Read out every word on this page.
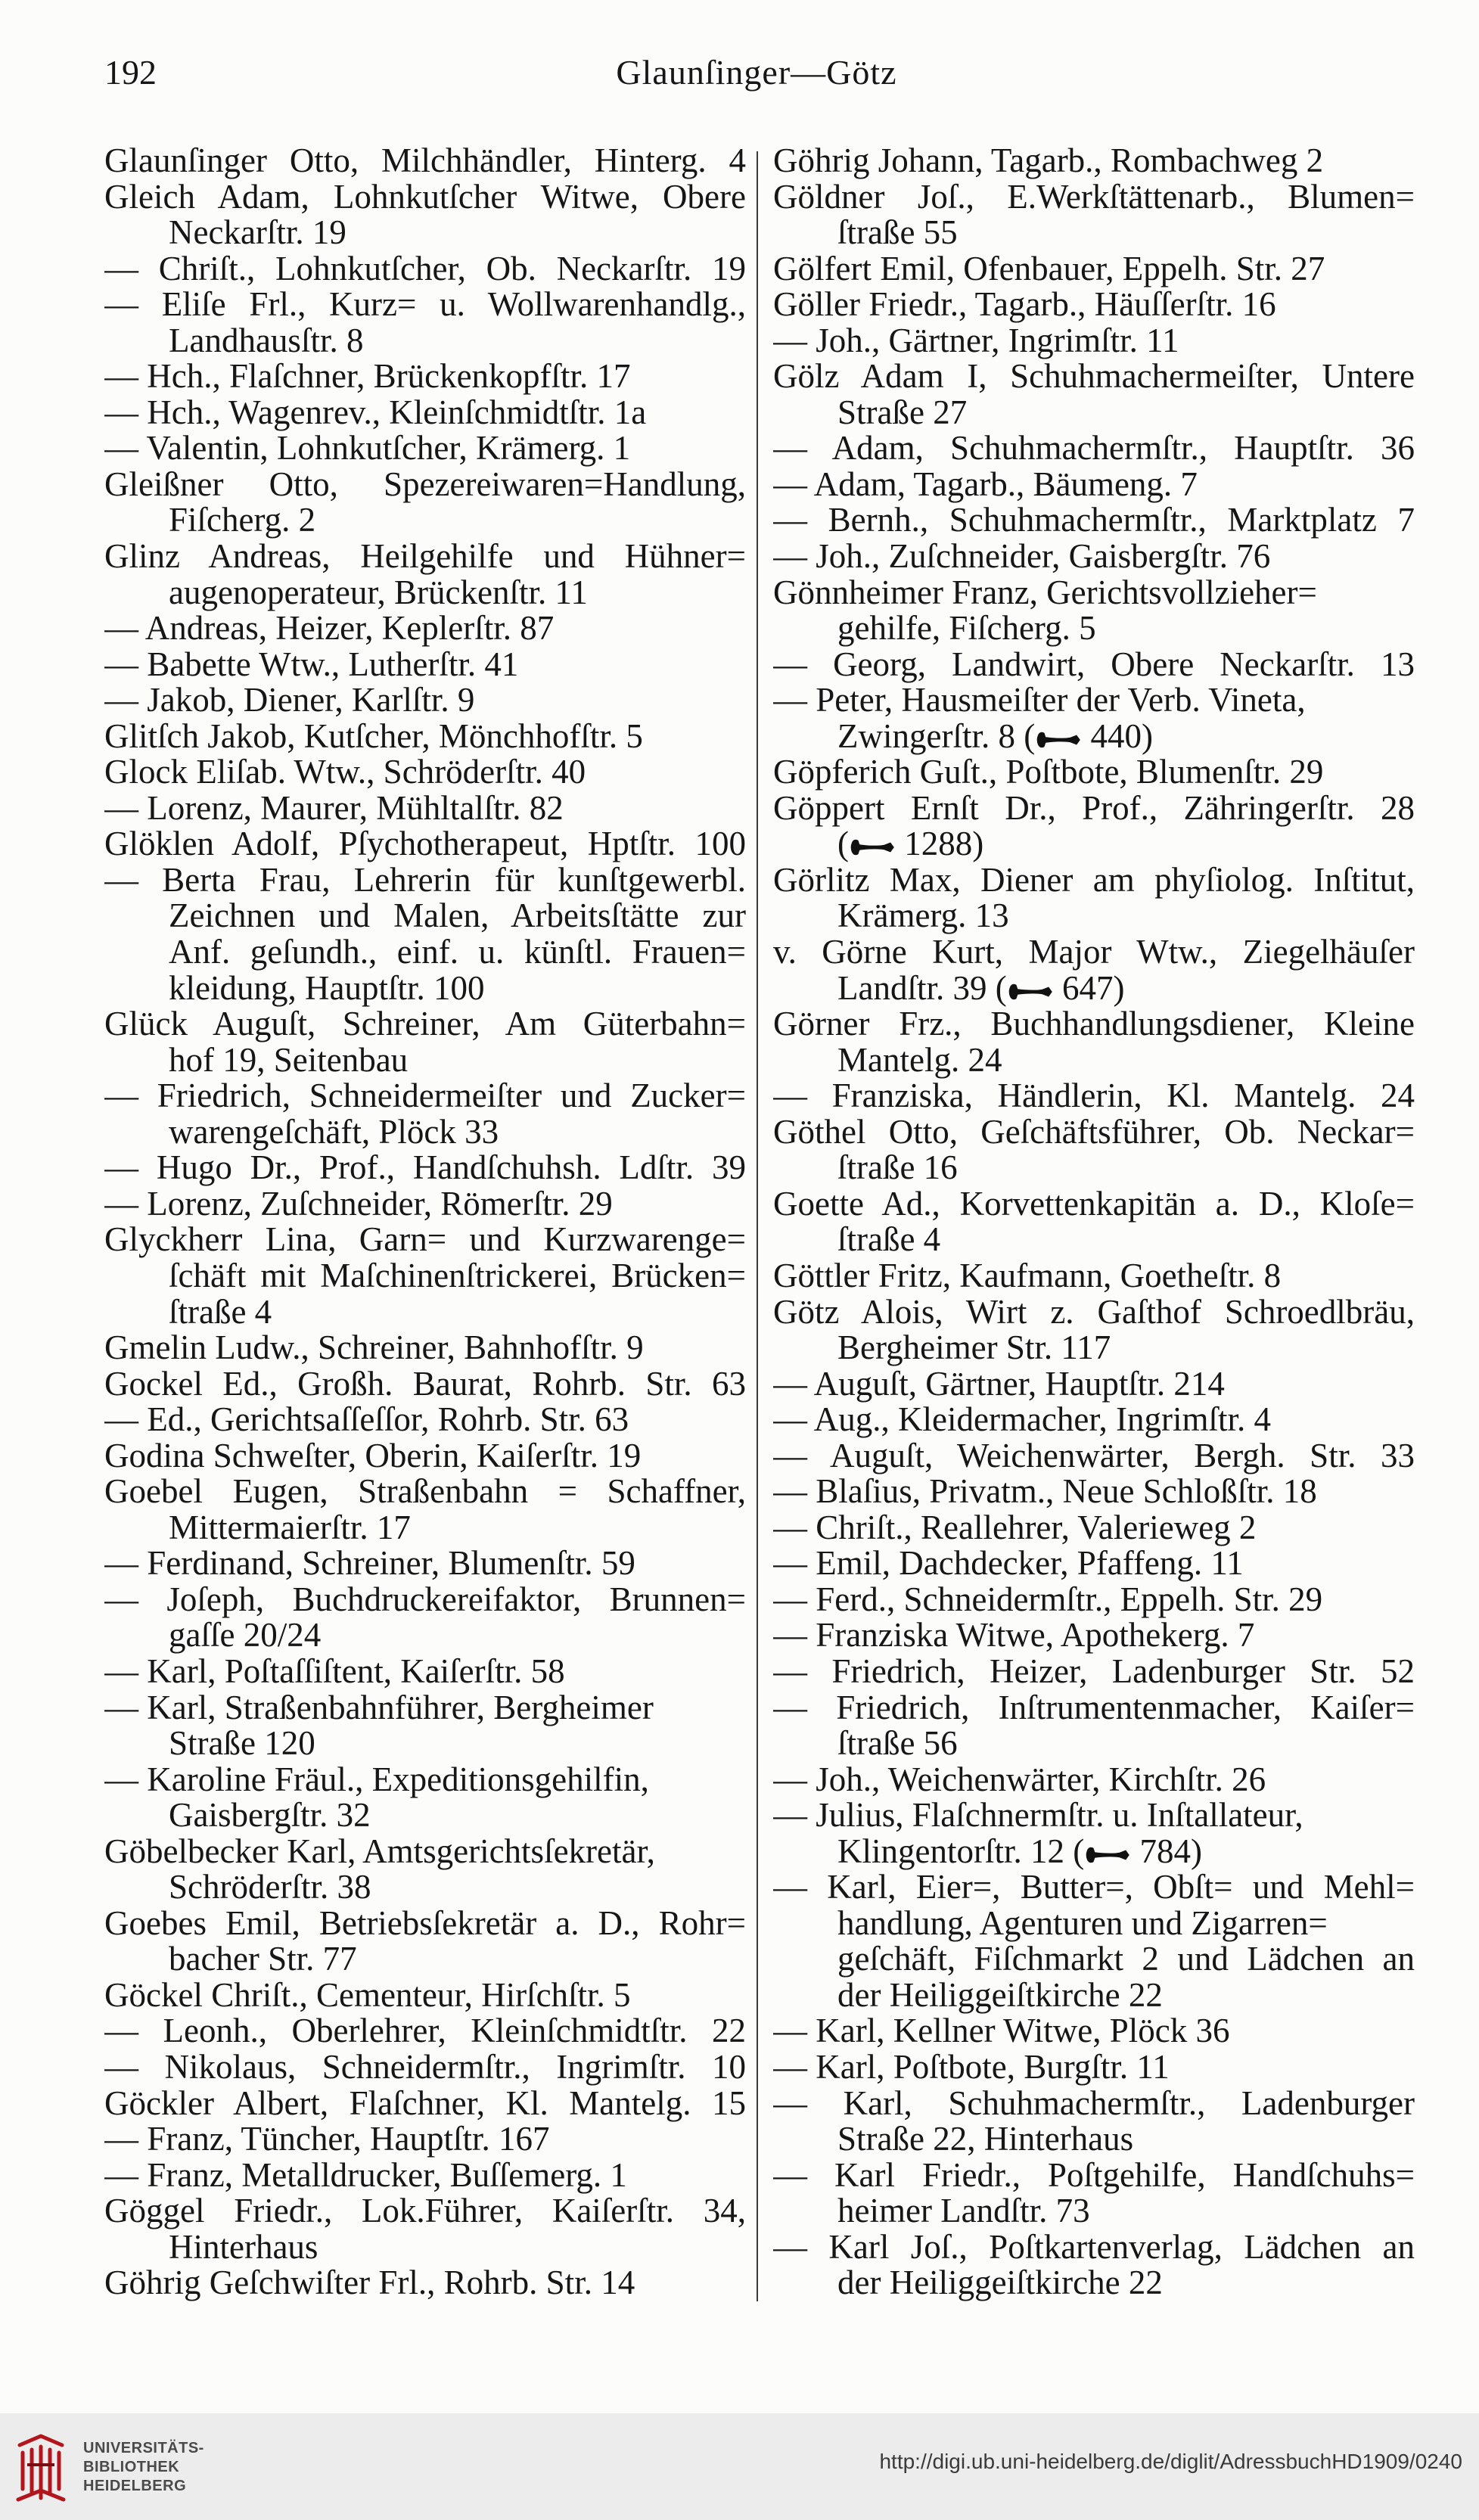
192	Glaunſinger—Götz
Glaunſinger Otto, Milchhändler, Hinterg. 4
Gleich Adam, Lohnkutſcher Witwe, Obere
Neckarſtr. 19
— Chriſt., Lohnkutſcher, Ob. Neckarſtr. 19
— Eliſe Frl., Kurz= u. Wollwarenhandlg.,
Landhausſtr. 8
— Hch., Flaſchner, Brückenkopfſtr. 17
— Hch., Wagenrev., Kleinſchmidtſtr. 1a
— Valentin, Lohnkutſcher, Krämerg. 1
Gleißner Otto, Spezereiwaren=Handlung,
Fiſcherg. 2
Glinz Andreas, Heilgehilfe und Hühner=
augenoperateur, Brückenſtr. 11
— Andreas, Heizer, Keplerſtr. 87
— Babette Wtw., Lutherſtr. 41
— Jakob, Diener, Karlſtr. 9
Glitſch Jakob, Kutſcher, Mönchhofſtr. 5
Glock Eliſab. Wtw., Schröderſtr. 40
— Lorenz, Maurer, Mühltalſtr. 82
Glöklen Adolf, Pſychotherapeut, Hptſtr. 100
— Berta Frau, Lehrerin für kunſtgewerbl.
Zeichnen und Malen, Arbeitsſtätte zur
Anf. geſundh., einf. u. künſtl. Frauen=
kleidung, Hauptſtr. 100
Glück Auguſt, Schreiner, Am Güterbahn=
hof 19, Seitenbau
— Friedrich, Schneidermeiſter und Zucker=
warengeſchäft, Plöck 33
— Hugo Dr., Prof., Handſchuhsh. Ldſtr. 39
— Lorenz, Zuſchneider, Römerſtr. 29
Glyckherr Lina, Garn= und Kurzwarenge=
ſchäft mit Maſchinenſtrickerei, Brücken=
ſtraße 4
Gmelin Ludw., Schreiner, Bahnhofſtr. 9
Gockel Ed., Großh. Baurat, Rohrb. Str. 63
— Ed., Gerichtsaſſeſſor, Rohrb. Str. 63
Godina Schweſter, Oberin, Kaiſerſtr. 19
Goebel Eugen, Straßenbahn = Schaffner,
Mittermaierſtr. 17
— Ferdinand, Schreiner, Blumenſtr. 59
— Joſeph, Buchdruckereifaktor, Brunnen=
gaſſe 20/24
— Karl, Poſtaſſiſtent, Kaiſerſtr. 58
— Karl, Straßenbahnführer, Bergheimer
Straße 120
— Karoline Fräul., Expeditionsgehilfin,
Gaisbergſtr. 32
Göbelbecker Karl, Amtsgerichtsſekretär,
Schröderſtr. 38
Goebes Emil, Betriebsſekretär a. D., Rohr=
bacher Str. 77
Göckel Chriſt., Cementeur, Hirſchſtr. 5
— Leonh., Oberlehrer, Kleinſchmidtſtr. 22
— Nikolaus, Schneidermſtr., Ingrimſtr. 10
Göckler Albert, Flaſchner, Kl. Mantelg. 15
— Franz, Tüncher, Hauptſtr. 167
— Franz, Metalldrucker, Buſſemerg. 1
Göggel Friedr., Lok.Führer, Kaiſerſtr. 34,
Hinterhaus
Göhrig Geſchwiſter Frl., Rohrb. Str. 14
Göhrig Johann, Tagarb., Rombachweg 2
Göldner Joſ., E.Werkſtättenarb., Blumen=
ſtraße 55
Gölfert Emil, Ofenbauer, Eppelh. Str. 27
Göller Friedr., Tagarb., Häuſſerſtr. 16
— Joh., Gärtner, Ingrimſtr. 11
Gölz Adam I, Schuhmachermeiſter, Untere
Straße 27
— Adam, Schuhmachermſtr., Hauptſtr. 36
— Adam, Tagarb., Bäumeng. 7
— Bernh., Schuhmachermſtr., Marktplatz 7
— Joh., Zuſchneider, Gaisbergſtr. 76
Gönnheimer Franz, Gerichtsvollzieher=
gehilfe, Fiſcherg. 5
— Georg, Landwirt, Obere Neckarſtr. 13
— Peter, Hausmeiſter der Verb. Vineta,
Zwingerſtr. 8 (
440)
Göpferich Guſt., Poſtbote, Blumenſtr. 29
Göppert Ernſt Dr., Prof., Zähringerſtr. 28
(
1288)
Görlitz Max, Diener am phyſiolog. Inſtitut,
Krämerg. 13
v. Görne Kurt, Major Wtw., Ziegelhäuſer
Landſtr. 39 (
647)
Görner Frz., Buchhandlungsdiener, Kleine
Mantelg. 24
— Franziska, Händlerin, Kl. Mantelg. 24
Göthel Otto, Geſchäftsführer, Ob. Neckar=
ſtraße 16
Goette Ad., Korvettenkapitän a. D., Kloſe=
ſtraße 4
Göttler Fritz, Kaufmann, Goetheſtr. 8
Götz Alois, Wirt z. Gaſthof Schroedlbräu,
Bergheimer Str. 117
— Auguſt, Gärtner, Hauptſtr. 214
— Aug., Kleidermacher, Ingrimſtr. 4
— Auguſt, Weichenwärter, Bergh. Str. 33
— Blaſius, Privatm., Neue Schloßſtr. 18
— Chriſt., Reallehrer, Valerieweg 2
— Emil, Dachdecker, Pfaffeng. 11
— Ferd., Schneidermſtr., Eppelh. Str. 29
— Franziska Witwe, Apothekerg. 7
— Friedrich, Heizer, Ladenburger Str. 52
— Friedrich, Inſtrumentenmacher, Kaiſer=
ſtraße 56
— Joh., Weichenwärter, Kirchſtr. 26
— Julius, Flaſchnermſtr. u. Inſtallateur,
Klingentorſtr. 12 (
784)
— Karl, Eier=, Butter=, Obſt= und Mehl=
handlung, Agenturen und Zigarren=
geſchäft, Fiſchmarkt 2 und Lädchen an
der Heiliggeiſtkirche 22
— Karl, Kellner Witwe, Plöck 36
— Karl, Poſtbote, Burgſtr. 11
— Karl, Schuhmachermſtr., Ladenburger
Straße 22, Hinterhaus
— Karl Friedr., Poſtgehilfe, Handſchuhs=
heimer Landſtr. 73
— Karl Joſ., Poſtkartenverlag, Lädchen an
der Heiliggeiſtkirche 22
UNIVERSITÄTS-
BIBLIOTHEK
HEIDELBERG
http://digi.ub.uni-heidelberg.de/diglit/AdressbuchHD1909/0240
